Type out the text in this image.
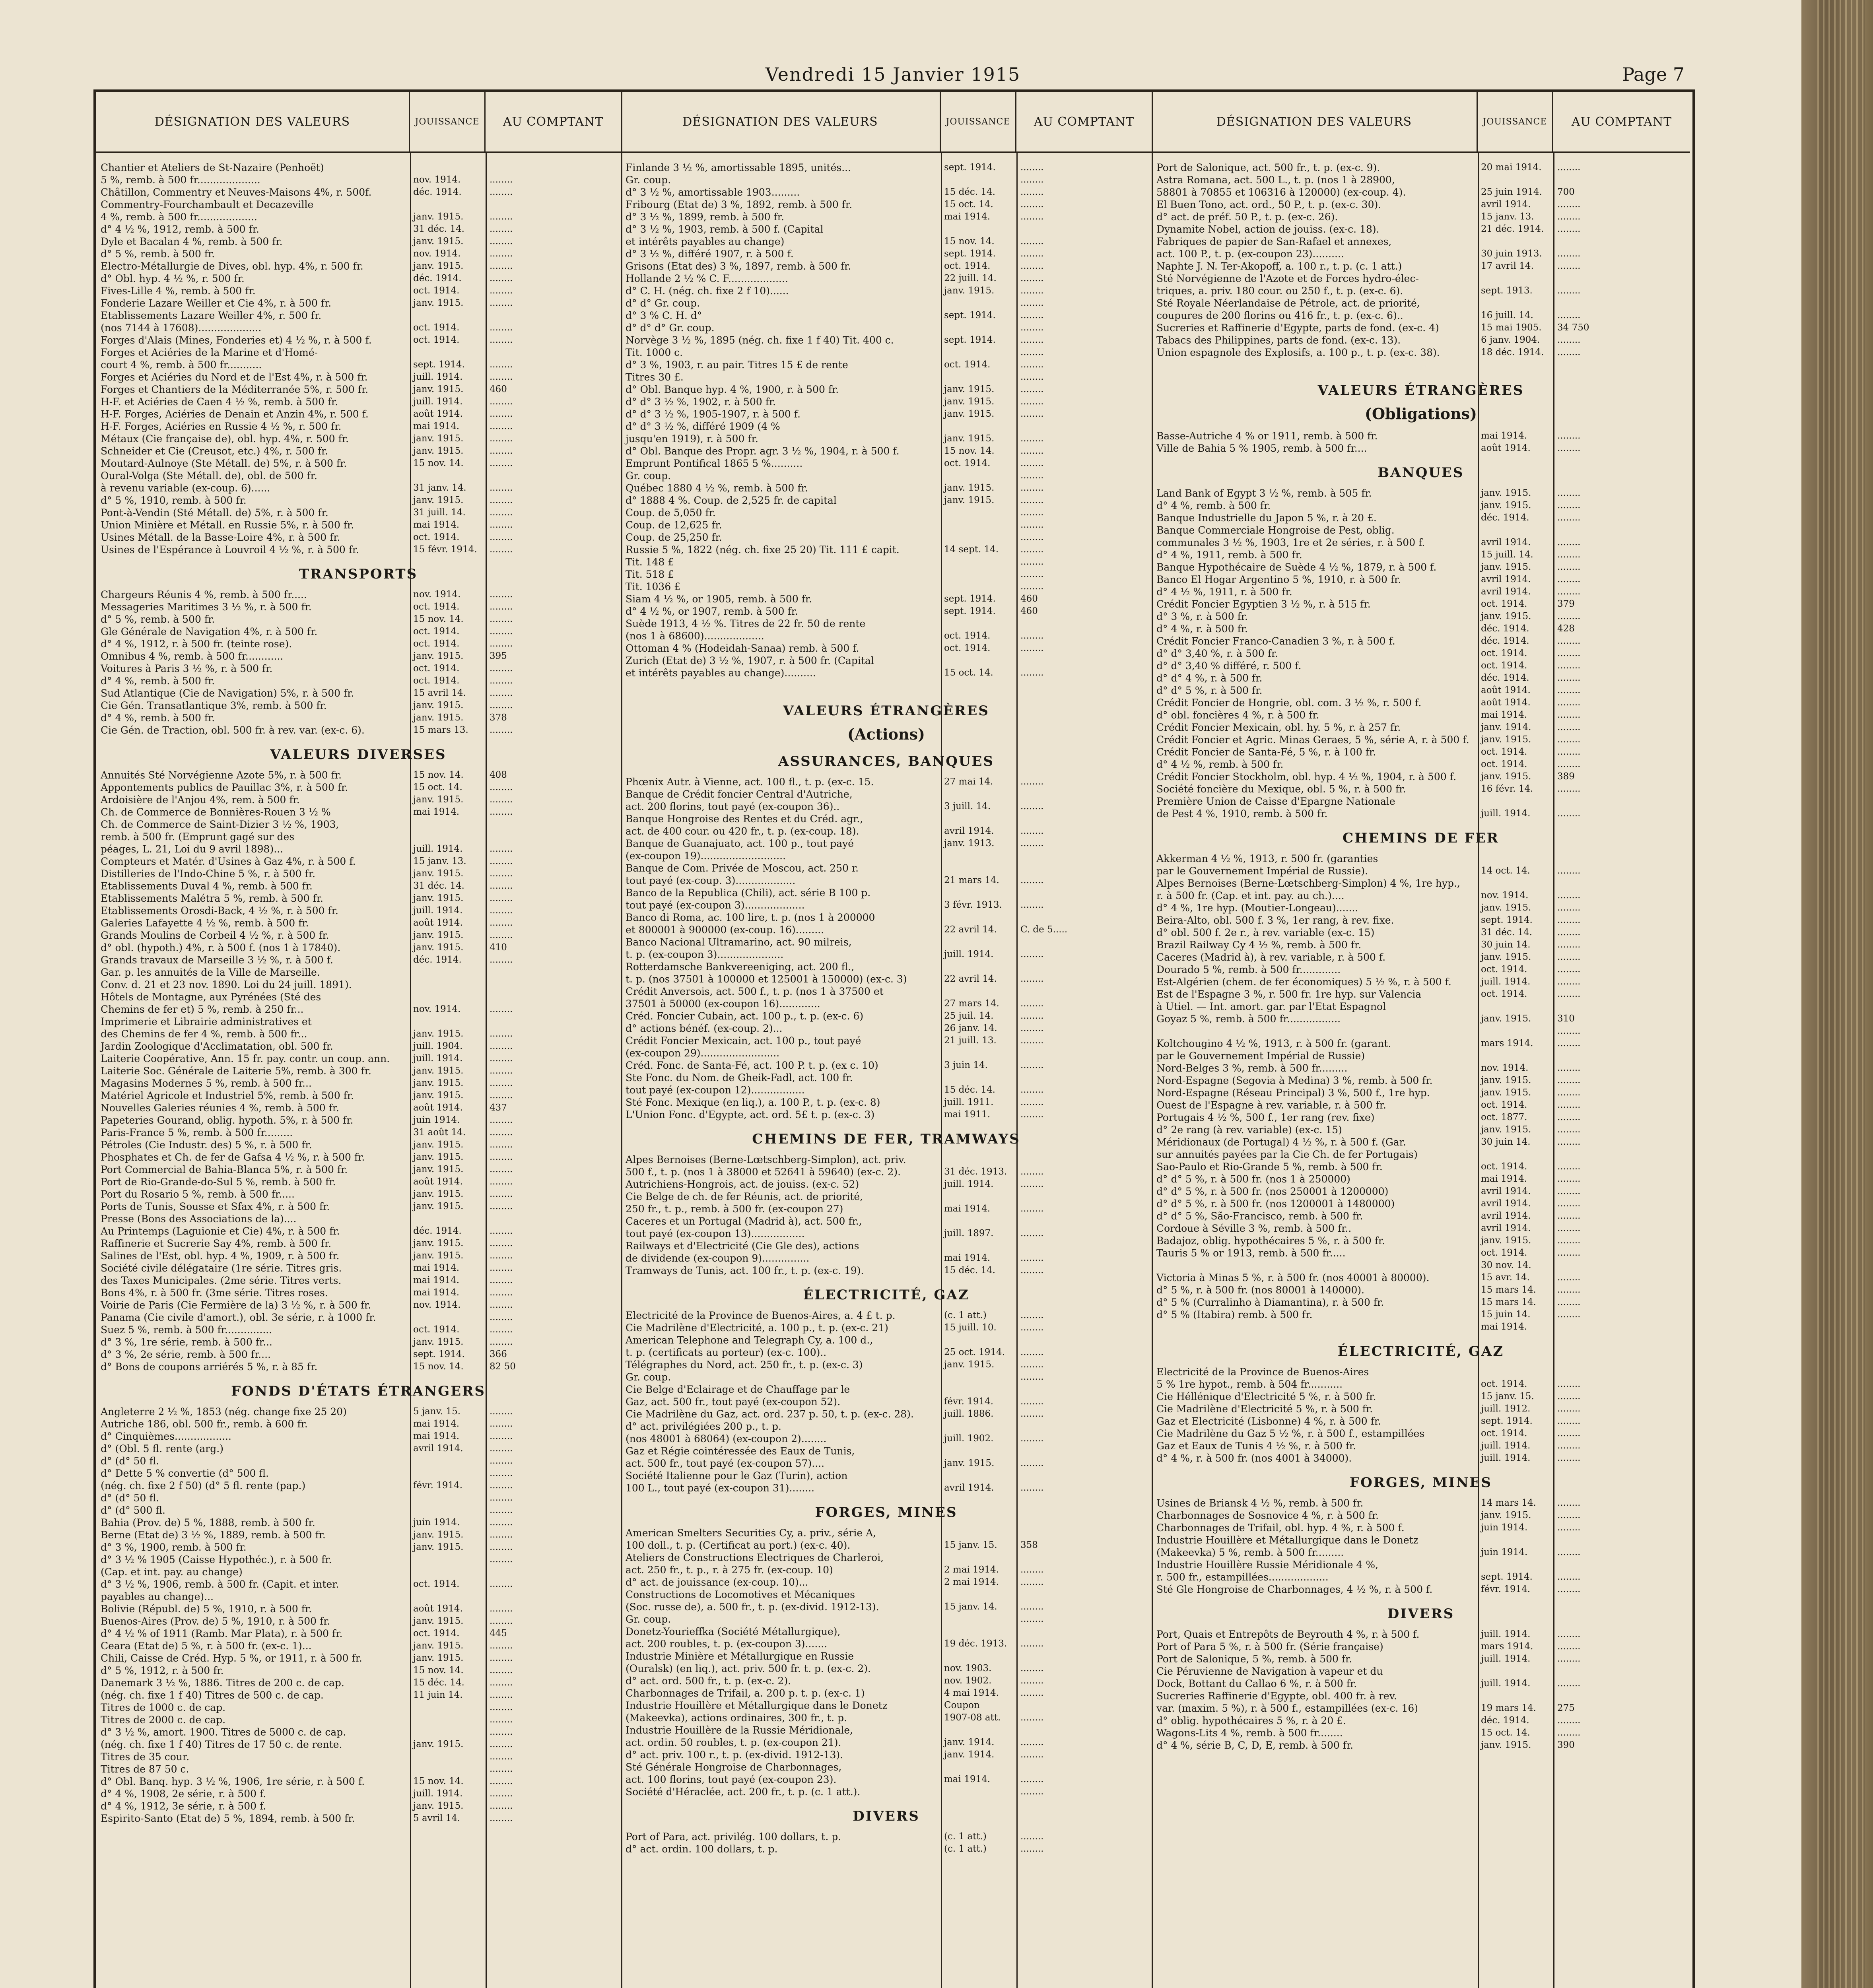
Vendredi 15 Janvier 1915	Page 7
DÉSIGNATION DES VALEURS	JOUISSANCE	AU COMPTANT
Chantier et Ateliers de St-Nazaire (Penhoët)
5 %, remb. à 500 fr....................	nov. 1914.	........
Châtillon, Commentry et Neuves-Maisons 4%, r. 500f.	déc. 1914.	........
Commentry-Fourchambault et Decazeville
4 %, remb. à 500 fr...................	janv. 1915.	........
d° 4 ½ %, 1912, remb. à 500 fr.	31 déc. 14.	........
Dyle et Bacalan 4 %, remb. à 500 fr.	janv. 1915.	........
d° 5 %, remb. à 500 fr.	nov. 1914.	........
Electro-Métallurgie de Dives, obl. hyp. 4%, r. 500 fr.	janv. 1915.	........
d° Obl. hyp. 4 ½ %, r. 500 fr.	déc. 1914.	........
Fives-Lille 4 %, remb. à 500 fr.	oct. 1914.	........
Fonderie Lazare Weiller et Cie 4%, r. à 500 fr.	janv. 1915.	........
Etablissements Lazare Weiller 4%, r. 500 fr.
(nos 7144 à 17608)....................	oct. 1914.	........
Forges d'Alais (Mines, Fonderies et) 4 ½ %, r. à 500 f.	oct. 1914.	........
Forges et Aciéries de la Marine et d'Homé-
court 4 %, remb. à 500 fr...........	sept. 1914.	........
Forges et Aciéries du Nord et de l'Est 4%, r. à 500 fr.	juill. 1914.	........
Forges et Chantiers de la Méditerranée 5%, r. 500 fr.	janv. 1915.	460
H-F. et Aciéries de Caen 4 ½ %, remb. à 500 fr.	juill. 1914.	........
H-F. Forges, Aciéries de Denain et Anzin 4%, r. 500 f.	août 1914.	........
H-F. Forges, Aciéries en Russie 4 ½ %, r. 500 fr.	mai 1914.	........
Métaux (Cie française de), obl. hyp. 4%, r. 500 fr.	janv. 1915.	........
Schneider et Cie (Creusot, etc.) 4%, r. 500 fr.	janv. 1915.	........
Moutard-Aulnoye (Ste Métall. de) 5%, r. à 500 fr.	15 nov. 14.	........
Oural-Volga (Ste Métall. de), obl. de 500 fr.
à revenu variable (ex-coup. 6)......	31 janv. 14.	........
d° 5 %, 1910, remb. à 500 fr.	janv. 1915.	........
Pont-à-Vendin (Sté Métall. de) 5%, r. à 500 fr.	31 juill. 14.	........
Union Minière et Métall. en Russie 5%, r. à 500 fr.	mai 1914.	........
Usines Métall. de la Basse-Loire 4%, r. à 500 fr.	oct. 1914.	........
Usines de l'Espérance à Louvroil 4 ½ %, r. à 500 fr.	15 févr. 1914.	........
TRANSPORTS
Chargeurs Réunis 4 %, remb. à 500 fr.....	nov. 1914.	........
Messageries Maritimes 3 ½ %, r. à 500 fr.	oct. 1914.	........
d° 5 %, remb. à 500 fr.	15 nov. 14.	........
Gle Générale de Navigation 4%, r. à 500 fr.	oct. 1914.	........
d° 4 %, 1912, r. à 500 fr. (teinte rose).	oct. 1914.	........
Omnibus 4 %, remb. à 500 fr............	janv. 1915.	395
Voitures à Paris 3 ½ %, r. à 500 fr.	oct. 1914.	........
d° 4 %, remb. à 500 fr.	oct. 1914.	........
Sud Atlantique (Cie de Navigation) 5%, r. à 500 fr.	15 avril 14.	........
Cie Gén. Transatlantique 3%, remb. à 500 fr.	janv. 1915.	........
d° 4 %, remb. à 500 fr.	janv. 1915.	378
Cie Gén. de Traction, obl. 500 fr. à rev. var. (ex-c. 6).	15 mars 13.	........
VALEURS DIVERSES
Annuités Sté Norvégienne Azote 5%, r. à 500 fr.	15 nov. 14.	408
Appontements publics de Pauillac 3%, r. à 500 fr.	15 oct. 14.	........
Ardoisière de l'Anjou 4%, rem. à 500 fr.	janv. 1915.	........
Ch. de Commerce de Bonnières-Rouen 3 ½ %	mai 1914.	........
Ch. de Commerce de Saint-Dizier 3 ½ %, 1903,
remb. à 500 fr. (Emprunt gagé sur des
péages, L. 21, Loi du 9 avril 1898)...	juill. 1914.	........
Compteurs et Matér. d'Usines à Gaz 4%, r. à 500 f.	15 janv. 13.	........
Distilleries de l'Indo-Chine 5 %, r. à 500 fr.	janv. 1915.	........
Etablissements Duval 4 %, remb. à 500 fr.	31 déc. 14.	........
Etablissements Malétra 5 %, remb. à 500 fr.	janv. 1915.	........
Etablissements Orosdi-Back, 4 ½ %, r. à 500 fr.	juill. 1914.	........
Galeries Lafayette 4 ½ %, remb. à 500 fr.	août 1914.	........
Grands Moulins de Corbeil 4 ½ %, r. à 500 fr.	janv. 1915.	........
d° obl. (hypoth.) 4%, r. à 500 f. (nos 1 à 17840).	janv. 1915.	410
Grands travaux de Marseille 3 ½ %, r. à 500 f.	déc. 1914.	........
Gar. p. les annuités de la Ville de Marseille.
Conv. d. 21 et 23 nov. 1890. Loi du 24 juill. 1891).
Hôtels de Montagne, aux Pyrénées (Sté des
Chemins de fer et) 5 %, remb. à 250 fr...	nov. 1914.	........
Imprimerie et Librairie administratives et
des Chemins de fer 4 %, remb. à 500 fr...	janv. 1915.	........
Jardin Zoologique d'Acclimatation, obl. 500 fr.	juill. 1904.	........
Laiterie Coopérative, Ann. 15 fr. pay. contr. un coup. ann.	juill. 1914.	........
Laiterie Soc. Générale de Laiterie 5%, remb. à 300 fr.	janv. 1915.	........
Magasins Modernes 5 %, remb. à 500 fr...	janv. 1915.	........
Matériel Agricole et Industriel 5%, remb. à 500 fr.	janv. 1915.	........
Nouvelles Galeries réunies 4 %, remb. à 500 fr.	août 1914.	437
Papeteries Gourand, oblig. hypoth. 5%, r. à 500 fr.	juin 1914.	........
Paris-France 5 %, remb. à 500 fr.........	31 août 14.	........
Pétroles (Cie Industr. des) 5 %, r. à 500 fr.	janv. 1915.	........
Phosphates et Ch. de fer de Gafsa 4 ½ %, r. à 500 fr.	janv. 1915.	........
Port Commercial de Bahia-Blanca 5%, r. à 500 fr.	janv. 1915.	........
Port de Rio-Grande-do-Sul 5 %, remb. à 500 fr.	août 1914.	........
Port du Rosario 5 %, remb. à 500 fr.....	janv. 1915.	........
Ports de Tunis, Sousse et Sfax 4%, r. à 500 fr.	janv. 1915.	........
Presse (Bons des Associations de la)....
Au Printemps (Laguionie et Cie) 4%, r. à 500 fr.	déc. 1914.	........
Raffinerie et Sucrerie Say 4%, remb. à 500 fr.	janv. 1915.	........
Salines de l'Est, obl. hyp. 4 %, 1909, r. à 500 fr.	janv. 1915.	........
Société civile délégataire (1re série. Titres gris.	mai 1914.	........
des Taxes Municipales. (2me série. Titres verts.	mai 1914.	........
Bons 4%, r. à 500 fr. (3me série. Titres roses.	mai 1914.	........
Voirie de Paris (Cie Fermière de la) 3 ½ %, r. à 500 fr.	nov. 1914.	........
Panama (Cie civile d'amort.), obl. 3e série, r. à 1000 fr.	........
Suez 5 %, remb. à 500 fr...............	oct. 1914.	........
d° 3 %, 1re série, remb. à 500 fr...	janv. 1915.	........
d° 3 %, 2e série, remb. à 500 fr....	sept. 1914.	366
d° Bons de coupons arriérés 5 %, r. à 85 fr.	15 nov. 14.	82 50
FONDS D'ÉTATS ÉTRANGERS
Angleterre 2 ½ %, 1853 (nég. change fixe 25 20)	5 janv. 15.	........
Autriche 186, obl. 500 fr., remb. à 600 fr.	mai 1914.	........
d° Cinquièmes..................	mai 1914.	........
d° (Obl. 5 fl. rente (arg.)	avril 1914.	........
d° (d° 50 fl.	........
d° Dette 5 % convertie (d° 500 fl.	........
(nég. ch. fixe 2 f 50) (d° 5 fl. rente (pap.)	févr. 1914.	........
d° (d° 50 fl.	........
d° (d° 500 fl.	........
Bahia (Prov. de) 5 %, 1888, remb. à 500 fr.	juin 1914.	........
Berne (Etat de) 3 ½ %, 1889, remb. à 500 fr.	janv. 1915.	........
d° 3 %, 1900, remb. à 500 fr.	janv. 1915.	........
d° 3 ½ % 1905 (Caisse Hypothéc.), r. à 500 fr.	........
(Cap. et int. pay. au change)
d° 3 ½ %, 1906, remb. à 500 fr. (Capit. et inter.	oct. 1914.	........
payables au change)...
Bolivie (Républ. de) 5 %, 1910, r. à 500 fr.	août 1914.	........
Buenos-Aires (Prov. de) 5 %, 1910, r. à 500 fr.	janv. 1915.	........
d° 4 ½ % of 1911 (Ramb. Mar Plata), r. à 500 fr.	oct. 1914.	445
Ceara (Etat de) 5 %, r. à 500 fr. (ex-c. 1)...	janv. 1915.	........
Chili, Caisse de Créd. Hyp. 5 %, or 1911, r. à 500 fr.	janv. 1915.	........
d° 5 %, 1912, r. à 500 fr.	15 nov. 14.	........
Danemark 3 ½ %, 1886. Titres de 200 c. de cap.	15 déc. 14.	........
(nég. ch. fixe 1 f 40) Titres de 500 c. de cap.	11 juin 14.	........
Titres de 1000 c. de cap.	........
Titres de 2000 c. de cap.	........
d° 3 ½ %, amort. 1900. Titres de 5000 c. de cap.	........
(nég. ch. fixe 1 f 40) Titres de 17 50 c. de rente.	janv. 1915.	........
Titres de 35 cour.	........
Titres de 87 50 c.	........
d° Obl. Banq. hyp. 3 ½ %, 1906, 1re série, r. à 500 f.	15 nov. 14.	........
d° 4 %, 1908, 2e série, r. à 500 f.	juill. 1914.	........
d° 4 %, 1912, 3e série, r. à 500 f.	janv. 1915.	........
Espirito-Santo (Etat de) 5 %, 1894, remb. à 500 fr.	5 avril 14.	........
DÉSIGNATION DES VALEURS	JOUISSANCE	AU COMPTANT
Finlande 3 ½ %, amortissable 1895, unités...	sept. 1914.	........
Gr. coup.	........
d° 3 ½ %, amortissable 1903.........	15 déc. 14.	........
Fribourg (Etat de) 3 %, 1892, remb. à 500 fr.	15 oct. 14.	........
d° 3 ½ %, 1899, remb. à 500 fr.	mai 1914.	........
d° 3 ½ %, 1903, remb. à 500 f. (Capital
et intérêts payables au change)	15 nov. 14.	........
d° 3 ½ %, différé 1907, r. à 500 f.	sept. 1914.	........
Grisons (Etat des) 3 %, 1897, remb. à 500 fr.	oct. 1914.	........
Hollande 2 ½ % C. F...................	22 juill. 14.	........
d° C. H. (nég. ch. fixe 2 f 10)......	janv. 1915.	........
d° d° Gr. coup.	........
d° 3 % C. H. d°	sept. 1914.	........
d° d° d° Gr. coup.	........
Norvège 3 ½ %, 1895 (nég. ch. fixe 1 f 40) Tit. 400 c.	sept. 1914.	........
Tit. 1000 c.	........
d° 3 %, 1903, r. au pair. Titres 15 £ de rente	oct. 1914.	........
Titres 30 £.	........
d° Obl. Banque hyp. 4 %, 1900, r. à 500 fr.	janv. 1915.	........
d° d° 3 ½ %, 1902, r. à 500 fr.	janv. 1915.	........
d° d° 3 ½ %, 1905-1907, r. à 500 f.	janv. 1915.	........
d° d° 3 ½ %, différé 1909 (4 %
jusqu'en 1919), r. à 500 fr.	janv. 1915.	........
d° Obl. Banque des Propr. agr. 3 ½ %, 1904, r. à 500 f.	15 nov. 14.	........
Emprunt Pontifical 1865 5 %..........	oct. 1914.	........
Gr. coup.	........
Québec 1880 4 ½ %, remb. à 500 fr.	janv. 1915.	........
d° 1888 4 %. Coup. de 2,525 fr. de capital	janv. 1915.	........
Coup. de 5,050 fr.	........
Coup. de 12,625 fr.	........
Coup. de 25,250 fr.	........
Russie 5 %, 1822 (nég. ch. fixe 25 20) Tit. 111 £ capit.	14 sept. 14.	........
Tit. 148 £	........
Tit. 518 £	........
Tit. 1036 £	........
Siam 4 ½ %, or 1905, remb. à 500 fr.	sept. 1914.	460
d° 4 ½ %, or 1907, remb. à 500 fr.	sept. 1914.	460
Suède 1913, 4 ½ %. Titres de 22 fr. 50 de rente
(nos 1 à 68600)...................	oct. 1914.	........
Ottoman 4 % (Hodeidah-Sanaa) remb. à 500 f.	oct. 1914.	........
Zurich (Etat de) 3 ½ %, 1907, r. à 500 fr. (Capital
et intérêts payables au change)..........	15 oct. 14.	........
VALEURS ÉTRANGÈRES
(Actions)
ASSURANCES, BANQUES
Phœnix Autr. à Vienne, act. 100 fl., t. p. (ex-c. 15.	27 mai 14.	........
Banque de Crédit foncier Central d'Autriche,
act. 200 florins, tout payé (ex-coupon 36)..	3 juill. 14.	........
Banque Hongroise des Rentes et du Créd. agr.,
act. de 400 cour. ou 420 fr., t. p. (ex-coup. 18).	avril 1914.	........
Banque de Guanajuato, act. 100 p., tout payé	janv. 1913.	........
(ex-coupon 19)...........................
Banque de Com. Privée de Moscou, act. 250 r.
tout payé (ex-coup. 3)...................	21 mars 14.	........
Banco de la Republica (Chili), act. série B 100 p.
tout payé (ex-coupon 3)...................	3 févr. 1913.	........
Banco di Roma, ac. 100 lire, t. p. (nos 1 à 200000
et 800001 à 900000 (ex-coup. 16).........	22 avril 14.	C. de 5.....
Banco Nacional Ultramarino, act. 90 milreis,
t. p. (ex-coupon 3).....................	juill. 1914.	........
Rotterdamsche Bankvereeniging, act. 200 fl.,
t. p. (nos 37501 à 100000 et 125001 à 150000) (ex-c. 3)	22 avril 14.	........
Crédit Anversois, act. 500 f., t. p. (nos 1 à 37500 et
37501 à 50000 (ex-coupon 16).............	27 mars 14.	........
Créd. Foncier Cubain, act. 100 p., t. p. (ex-c. 6)	25 juil. 14.	........
d° actions bénéf. (ex-coup. 2)...	26 janv. 14.	........
Crédit Foncier Mexicain, act. 100 p., tout payé	21 juill. 13.	........
(ex-coupon 29).........................
Créd. Fonc. de Santa-Fé, act. 100 P. t. p. (ex c. 10)	3 juin 14.	........
Ste Fonc. du Nom. de Gheik-Fadl, act. 100 fr.
tout payé (ex-coupon 12).................	15 déc. 14.	........
Sté Fonc. Mexique (en liq.), a. 100 P., t. p. (ex-c. 8)	juill. 1911.	........
L'Union Fonc. d'Egypte, act. ord. 5£ t. p. (ex-c. 3)	mai 1911.	........
CHEMINS DE FER, TRAMWAYS
Alpes Bernoises (Berne-Lœtschberg-Simplon), act. priv.
500 f., t. p. (nos 1 à 38000 et 52641 à 59640) (ex-c. 2).	31 déc. 1913.	........
Autrichiens-Hongrois, act. de jouiss. (ex-c. 52)	juill. 1914.	........
Cie Belge de ch. de fer Réunis, act. de priorité,
250 fr., t. p., remb. à 500 fr. (ex-coupon 27)	mai 1914.	........
Caceres et un Portugal (Madrid à), act. 500 fr.,
tout payé (ex-coupon 13).................	juill. 1897.	........
Railways et d'Electricité (Cie Gle des), actions
de dividende (ex-coupon 9)...............	mai 1914.	........
Tramways de Tunis, act. 100 fr., t. p. (ex-c. 19).	15 déc. 14.	........
ÉLECTRICITÉ, GAZ
Electricité de la Province de Buenos-Aires, a. 4 £ t. p.	(c. 1 att.)	........
Cie Madrilène d'Electricité, a. 100 p., t. p. (ex-c. 21)	15 juill. 10.	........
American Telephone and Telegraph Cy, a. 100 d.,
t. p. (certificats au porteur) (ex-c. 100)..	25 oct. 1914.	........
Télégraphes du Nord, act. 250 fr., t. p. (ex-c. 3)	janv. 1915.	........
Gr. coup.	........
Cie Belge d'Eclairage et de Chauffage par le
Gaz, act. 500 fr., tout payé (ex-coupon 52).	févr. 1914.	........
Cie Madrilène du Gaz, act. ord. 237 p. 50, t. p. (ex-c. 28).	juill. 1886.	........
d° act. privilégiées 200 p., t. p.
(nos 48001 à 68064) (ex-coupon 2)........	juill. 1902.	........
Gaz et Régie cointéressée des Eaux de Tunis,
act. 500 fr., tout payé (ex-coupon 57)....	janv. 1915.	........
Société Italienne pour le Gaz (Turin), action
100 L., tout payé (ex-coupon 31)........	avril 1914.	........
FORGES, MINES
American Smelters Securities Cy, a. priv., série A,
100 doll., t. p. (Certificat au port.) (ex-c. 40).	15 janv. 15.	358
Ateliers de Constructions Electriques de Charleroi,
act. 250 fr., t. p., r. à 275 fr. (ex-coup. 10)	2 mai 1914.	........
d° act. de jouissance (ex-coup. 10)...	2 mai 1914.	........
Constructions de Locomotives et Mécaniques
(Soc. russe de), a. 500 fr., t. p. (ex-divid. 1912-13).	15 janv. 14.	........
Gr. coup.	........
Donetz-Yourieffka (Société Métallurgique),
act. 200 roubles, t. p. (ex-coupon 3).......	19 déc. 1913.	........
Industrie Minière et Métallurgique en Russie
(Ouralsk) (en liq.), act. priv. 500 fr. t. p. (ex-c. 2).	nov. 1903.	........
d° act. ord. 500 fr., t. p. (ex-c. 2).	nov. 1902.	........
Charbonnages de Trifail, a. 200 p. t. p. (ex-c. 1)	4 mai 1914.	........
Industrie Houillère et Métallurgique dans le Donetz	Coupon
(Makeevka), actions ordinaires, 300 fr., t. p.	1907-08 att.	........
Industrie Houillère de la Russie Méridionale,
act. ordin. 50 roubles, t. p. (ex-coupon 21).	janv. 1914.	........
d° act. priv. 100 r., t. p. (ex-divid. 1912-13).	janv. 1914.	........
Sté Générale Hongroise de Charbonnages,
act. 100 florins, tout payé (ex-coupon 23).	mai 1914.	........
Société d'Héraclée, act. 200 fr., t. p. (c. 1 att.).	........
DIVERS
Port of Para, act. privilég. 100 dollars, t. p.	(c. 1 att.)	........
d° act. ordin. 100 dollars, t. p.	(c. 1 att.)	........
DÉSIGNATION DES VALEURS	JOUISSANCE	AU COMPTANT
Port de Salonique, act. 500 fr., t. p. (ex-c. 9).	20 mai 1914.	........
Astra Romana, act. 500 L., t. p. (nos 1 à 28900,
58801 à 70855 et 106316 à 120000) (ex-coup. 4).	25 juin 1914.	700
El Buen Tono, act. ord., 50 P., t. p. (ex-c. 30).	avril 1914.	........
d° act. de préf. 50 P., t. p. (ex-c. 26).	15 janv. 13.	........
Dynamite Nobel, action de jouiss. (ex-c. 18).	21 déc. 1914.	........
Fabriques de papier de San-Rafael et annexes,
act. 100 P., t. p. (ex-coupon 23)..........	30 juin 1913.	........
Naphte J. N. Ter-Akopoff, a. 100 r., t. p. (c. 1 att.)	17 avril 14.	........
Sté Norvégienne de l'Azote et de Forces hydro-élec-
triques, a. priv. 180 cour. ou 250 f., t. p. (ex-c. 6).	sept. 1913.	........
Sté Royale Néerlandaise de Pétrole, act. de priorité,
coupures de 200 florins ou 416 fr., t. p. (ex-c. 6)..	16 juill. 14.	........
Sucreries et Raffinerie d'Egypte, parts de fond. (ex-c. 4)	15 mai 1905.	34 750
Tabacs des Philippines, parts de fond. (ex-c. 13).	6 janv. 1904.	........
Union espagnole des Explosifs, a. 100 p., t. p. (ex-c. 38).	18 déc. 1914.	........
VALEURS ÉTRANGÈRES
(Obligations)
Basse-Autriche 4 % or 1911, remb. à 500 fr.	mai 1914.	........
Ville de Bahia 5 % 1905, remb. à 500 fr....	août 1914.	........
BANQUES
Land Bank of Egypt 3 ½ %, remb. à 505 fr.	janv. 1915.	........
d° 4 %, remb. à 500 fr.	janv. 1915.	........
Banque Industrielle du Japon 5 %, r. à 20 £.	déc. 1914.	........
Banque Commerciale Hongroise de Pest, oblig.
communales 3 ½ %, 1903, 1re et 2e séries, r. à 500 f.	avril 1914.	........
d° 4 %, 1911, remb. à 500 fr.	15 juill. 14.	........
Banque Hypothécaire de Suède 4 ½ %, 1879, r. à 500 f.	janv. 1915.	........
Banco El Hogar Argentino 5 %, 1910, r. à 500 fr.	avril 1914.	........
d° 4 ½ %, 1911, r. à 500 fr.	avril 1914.	........
Crédit Foncier Egyptien 3 ½ %, r. à 515 fr.	oct. 1914.	379
d° 3 %, r. à 500 fr.	janv. 1915.	........
d° 4 %, r. à 500 fr.	déc. 1914.	428
Crédit Foncier Franco-Canadien 3 %, r. à 500 f.	déc. 1914.	........
d° d° 3,40 %, r. à 500 fr.	oct. 1914.	........
d° d° 3,40 % différé, r. 500 f.	oct. 1914.	........
d° d° 4 %, r. à 500 fr.	déc. 1914.	........
d° d° 5 %, r. à 500 fr.	août 1914.	........
Crédit Foncier de Hongrie, obl. com. 3 ½ %, r. 500 f.	août 1914.	........
d° obl. foncières 4 %, r. à 500 fr.	mai 1914.	........
Crédit Foncier Mexicain, obl. hy. 5 %, r. à 257 fr.	janv. 1914.	........
Crédit Foncier et Agric. Minas Geraes, 5 %, série A, r. à 500 f.	janv. 1915.	........
Crédit Foncier de Santa-Fé, 5 %, r. à 100 fr.	oct. 1914.	........
d° 4 ½ %, remb. à 500 fr.	oct. 1914.	........
Crédit Foncier Stockholm, obl. hyp. 4 ½ %, 1904, r. à 500 f.	janv. 1915.	389
Société foncière du Mexique, obl. 5 %, r. à 500 fr.	16 févr. 14.	........
Première Union de Caisse d'Epargne Nationale
de Pest 4 %, 1910, remb. à 500 fr.	juill. 1914.	........
CHEMINS DE FER
Akkerman 4 ½ %, 1913, r. 500 fr. (garanties
par le Gouvernement Impérial de Russie).	14 oct. 14.	........
Alpes Bernoises (Berne-Lœtschberg-Simplon) 4 %, 1re hyp.,
r. à 500 fr. (Cap. et int. pay. au ch.)....	nov. 1914.	........
d° 4 %, 1re hyp. (Moutier-Longeau).......	janv. 1915.	........
Beira-Alto, obl. 500 f. 3 %, 1er rang, à rev. fixe.	sept. 1914.	........
d° obl. 500 f. 2e r., à rev. variable (ex-c. 15)	31 déc. 14.	........
Brazil Railway Cy 4 ½ %, remb. à 500 fr.	30 juin 14.	........
Caceres (Madrid à), à rev. variable, r. à 500 f.	janv. 1915.	........
Dourado 5 %, remb. à 500 fr.............	oct. 1914.	........
Est-Algérien (chem. de fer économiques) 5 ½ %, r. à 500 f.	juill. 1914.	........
Est de l'Espagne 3 %, r. 500 fr. 1re hyp. sur Valencia	oct. 1914.	........
à Utiel. — Int. amort. gar. par l'Etat Espagnol
Goyaz 5 %, remb. à 500 fr.................	janv. 1915.	310
........
Koltchougino 4 ½ %, 1913, r. à 500 fr. (garant.	mars 1914.	........
par le Gouvernement Impérial de Russie)
Nord-Belges 3 %, remb. à 500 fr.........	nov. 1914.	........
Nord-Espagne (Segovia à Medina) 3 %, remb. à 500 fr.	janv. 1915.	........
Nord-Espagne (Réseau Principal) 3 %, 500 f., 1re hyp.	janv. 1915.	........
Ouest de l'Espagne à rev. variable, r. à 500 fr.	oct. 1914.	........
Portugais 4 ½ %, 500 f., 1er rang (rev. fixe)	oct. 1877.	........
d° 2e rang (à rev. variable) (ex-c. 15)	janv. 1915.	........
Méridionaux (de Portugal) 4 ½ %, r. à 500 f. (Gar.	30 juin 14.	........
sur annuités payées par la Cie Ch. de fer Portugais)
Sao-Paulo et Rio-Grande 5 %, remb. à 500 fr.	oct. 1914.	........
d° d° 5 %, r. à 500 fr. (nos 1 à 250000)	mai 1914.	........
d° d° 5 %, r. à 500 fr. (nos 250001 à 1200000)	avril 1914.	........
d° d° 5 %, r. à 500 fr. (nos 1200001 à 1480000)	avril 1914.	........
d° d° 5 %, São-Francisco, remb. à 500 fr.	avril 1914.	........
Cordoue à Séville 3 %, remb. à 500 fr..	avril 1914.	........
Badajoz, oblig. hypothécaires 5 %, r. à 500 fr.	janv. 1915.	........
Tauris 5 % or 1913, remb. à 500 fr.....	oct. 1914.	........
30 nov. 14.
Victoria à Minas 5 %, r. à 500 fr. (nos 40001 à 80000).	15 avr. 14.	........
d° 5 %, r. à 500 fr. (nos 80001 à 140000).	15 mars 14.	........
d° 5 % (Curralinho à Diamantina), r. à 500 fr.	15 mars 14.	........
d° 5 % (Itabira) remb. à 500 fr.	15 juin 14.	........
mai 1914.
ÉLECTRICITÉ, GAZ
Electricité de la Province de Buenos-Aires
5 % 1re hypot., remb. à 504 fr...........	oct. 1914.	........
Cie Héllénique d'Electricité 5 %, r. à 500 fr.	15 janv. 15.	........
Cie Madrilène d'Electricité 5 %, r. à 500 fr.	juill. 1912.	........
Gaz et Electricité (Lisbonne) 4 %, r. à 500 fr.	sept. 1914.	........
Cie Madrilène du Gaz 5 ½ %, r. à 500 f., estampillées	oct. 1914.	........
Gaz et Eaux de Tunis 4 ½ %, r. à 500 fr.	juill. 1914.	........
d° 4 %, r. à 500 fr. (nos 4001 à 34000).	juill. 1914.	........
FORGES, MINES
Usines de Briansk 4 ½ %, remb. à 500 fr.	14 mars 14.	........
Charbonnages de Sosnovice 4 %, r. à 500 fr.	janv. 1915.	........
Charbonnages de Trifail, obl. hyp. 4 %, r. à 500 f.	juin 1914.	........
Industrie Houillère et Métallurgique dans le Donetz
(Makeevka) 5 %, remb. à 500 fr.........	juin 1914.	........
Industrie Houillère Russie Méridionale 4 %,
r. 500 fr., estampillées...................	sept. 1914.	........
Sté Gle Hongroise de Charbonnages, 4 ½ %, r. à 500 f.	févr. 1914.	........
DIVERS
Port, Quais et Entrepôts de Beyrouth 4 %, r. à 500 f.	juill. 1914.	........
Port of Para 5 %, r. à 500 fr. (Série française)	mars 1914.	........
Port de Salonique, 5 %, remb. à 500 fr.	juill. 1914.	........
Cie Péruvienne de Navigation à vapeur et du
Dock, Bottant du Callao 6 %, r. à 500 fr.	juill. 1914.	........
Sucreries Raffinerie d'Egypte, obl. 400 fr. à rev.
var. (maxim. 5 %), r. à 500 f., estampillées (ex-c. 16)	19 mars 14.	275
d° oblig. hypothécaires 5 %, r. à 20 £.	déc. 1914.	........
Wagons-Lits 4 %, remb. à 500 fr........	15 oct. 14.	........
d° 4 %, série B, C, D, E, remb. à 500 fr.	janv. 1915.	390
